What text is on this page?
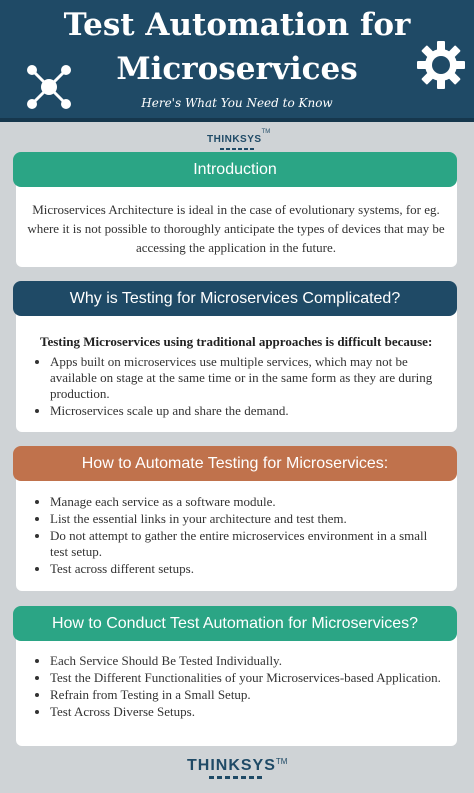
Test Automation for
Microservices
Here's What You Need to Know
THINKSYS™
Introduction
Microservices Architecture is ideal in the case of evolutionary systems, for eg. where it is not possible to thoroughly anticipate the types of devices that may be accessing the application in the future.
Why is Testing for Microservices Complicated?
Testing Microservices using traditional approaches is difficult because:
• Apps built on microservices use multiple services, which may not be available on stage at the same time or in the same form as they are during production.
• Microservices scale up and share the demand.
How to Automate Testing for Microservices:
• Manage each service as a software module.
• List the essential links in your architecture and test them.
• Do not attempt to gather the entire microservices environment in a small test setup.
• Test across different setups.
How to Conduct Test Automation for Microservices?
• Each Service Should Be Tested Individually.
• Test the Different Functionalities of your Microservices-based Application.
• Refrain from Testing in a Small Setup.
• Test Across Diverse Setups.
THINKSYS™
